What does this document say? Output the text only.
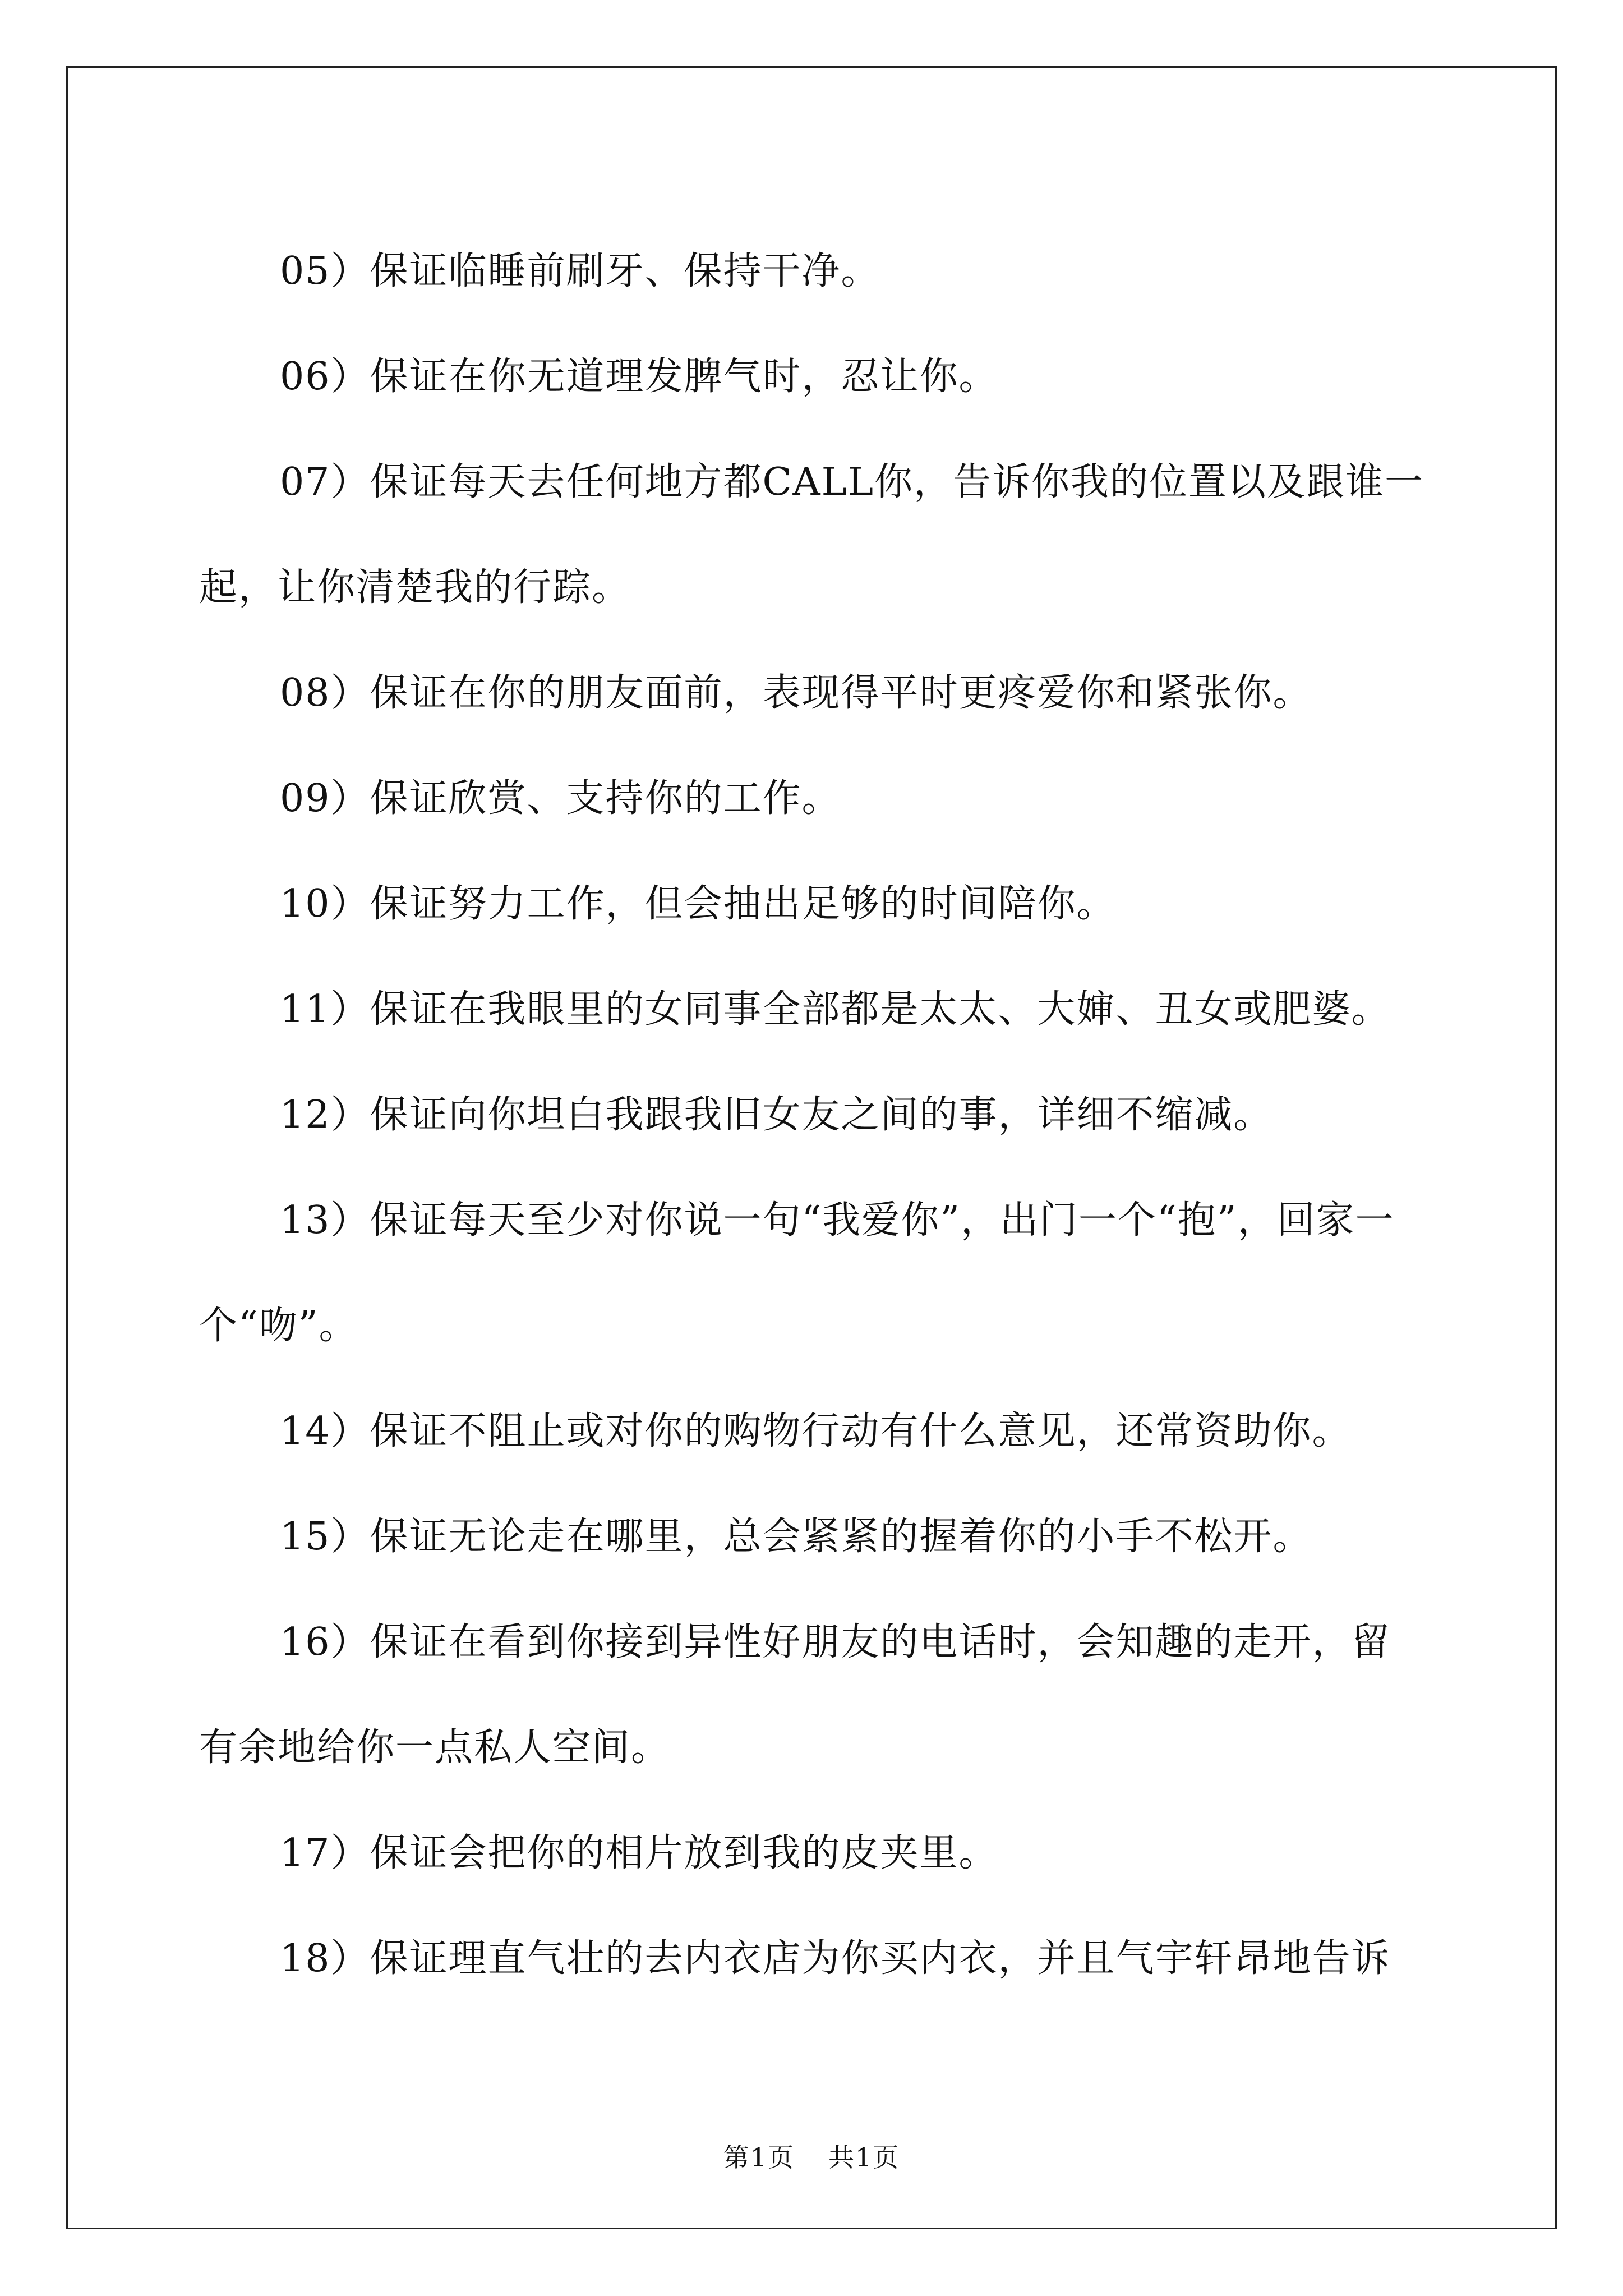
05）保证临睡前刷牙、保持干净。

06）保证在你无道理发脾气时，忍让你。

07）保证每天去任何地方都CALL你，告诉你我的位置以及跟谁一起，让你清楚我的行踪。

08）保证在你的朋友面前，表现得平时更疼爱你和紧张你。

09）保证欣赏、支持你的工作。

10）保证努力工作，但会抽出足够的时间陪你。

11）保证在我眼里的女同事全部都是太太、大婶、丑女或肥婆。

12）保证向你坦白我跟我旧女友之间的事，详细不缩减。

13）保证每天至少对你说一句“我爱你”，出门一个“抱”，回家一个“吻”。

14）保证不阻止或对你的购物行动有什么意见，还常资助你。

15）保证无论走在哪里，总会紧紧的握着你的小手不松开。

16）保证在看到你接到异性好朋友的电话时，会知趣的走开，留有余地给你一点私人空间。

17）保证会把你的相片放到我的皮夹里。

18）保证理直气壮的去内衣店为你买内衣，并且气宇轩昂地告诉

第1页 共1页
